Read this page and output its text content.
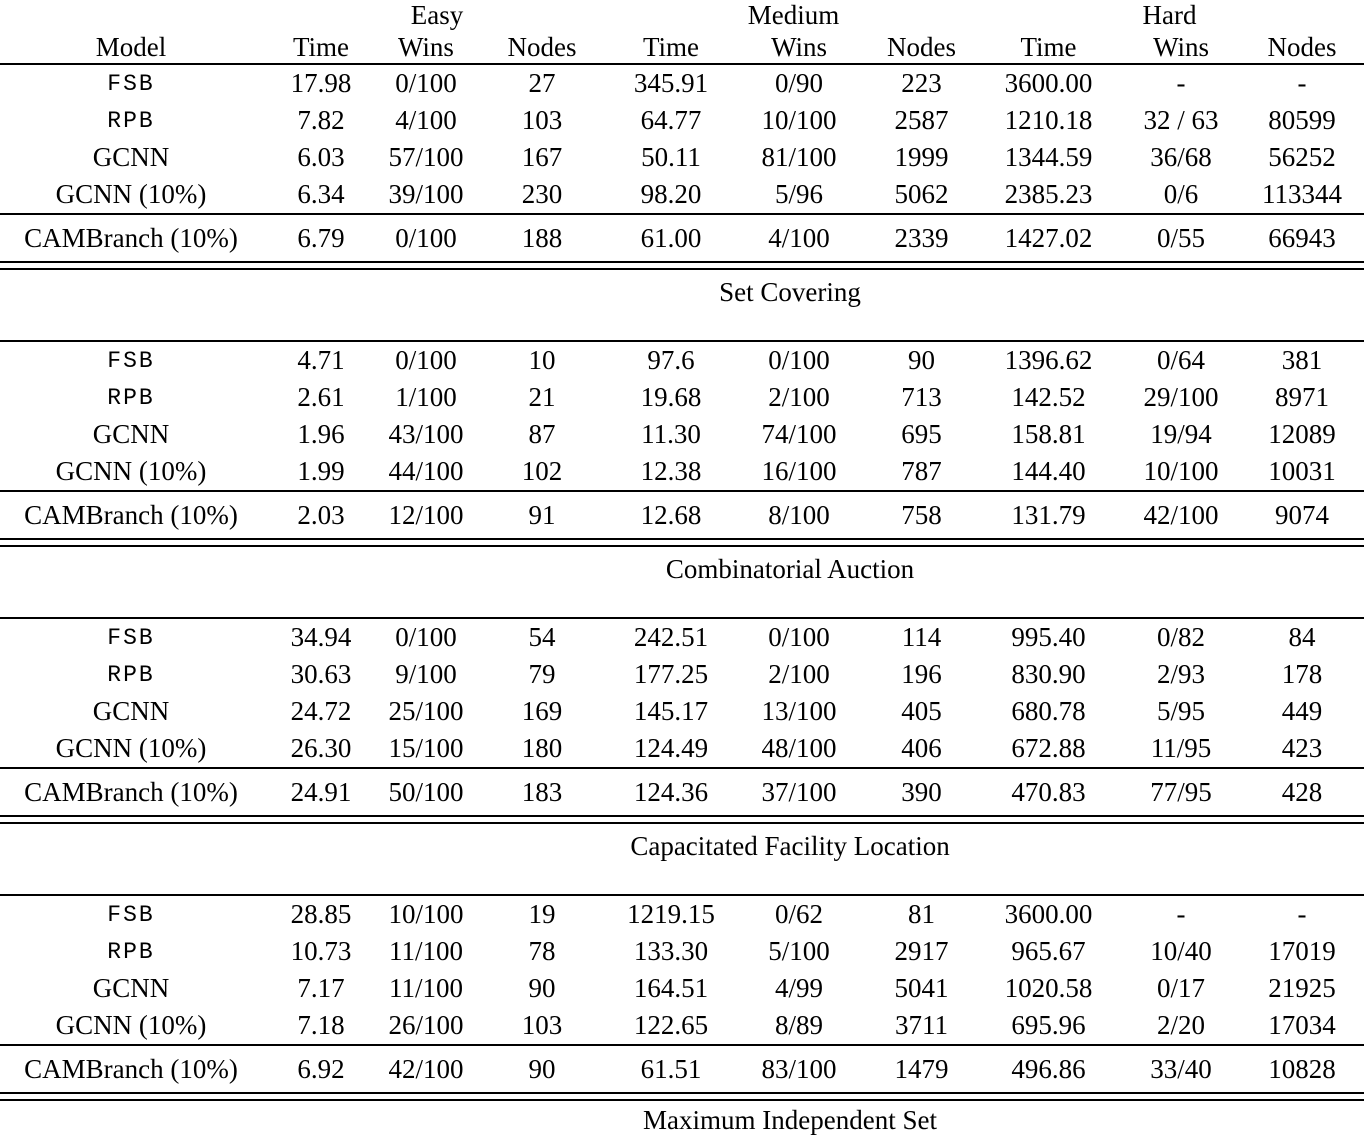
	Easy			Medium			Hard		
Model	Time	Wins	Nodes	Time	Wins	Nodes	Time	Wins	Nodes
FSB	17.98	0/100	27	345.91	0/90	223	3600.00	-	-
RPB	7.82	4/100	103	64.77	10/100	2587	1210.18	32 / 63	80599
GCNN	6.03	57/100	167	50.11	81/100	1999	1344.59	36/68	56252
GCNN (10%)	6.34	39/100	230	98.20	5/96	5062	2385.23	0/6	113344
CAMBranch (10%)	6.79	0/100	188	61.00	4/100	2339	1427.02	0/55	66943

Set Covering									

FSB	4.71	0/100	10	97.6	0/100	90	1396.62	0/64	381
RPB	2.61	1/100	21	19.68	2/100	713	142.52	29/100	8971
GCNN	1.96	43/100	87	11.30	74/100	695	158.81	19/94	12089
GCNN (10%)	1.99	44/100	102	12.38	16/100	787	144.40	10/100	10031
CAMBranch (10%)	2.03	12/100	91	12.68	8/100	758	131.79	42/100	9074

Combinatorial Auction									

FSB	34.94	0/100	54	242.51	0/100	114	995.40	0/82	84
RPB	30.63	9/100	79	177.25	2/100	196	830.90	2/93	178
GCNN	24.72	25/100	169	145.17	13/100	405	680.78	5/95	449
GCNN (10%)	26.30	15/100	180	124.49	48/100	406	672.88	11/95	423
CAMBranch (10%)	24.91	50/100	183	124.36	37/100	390	470.83	77/95	428

Capacitated Facility Location									

FSB	28.85	10/100	19	1219.15	0/62	81	3600.00	-	-
RPB	10.73	11/100	78	133.30	5/100	2917	965.67	10/40	17019
GCNN	7.17	11/100	90	164.51	4/99	5041	1020.58	0/17	21925
GCNN (10%)	7.18	26/100	103	122.65	8/89	3711	695.96	2/20	17034
CAMBranch (10%)	6.92	42/100	90	61.51	83/100	1479	496.86	33/40	10828

Maximum Independent Set									
